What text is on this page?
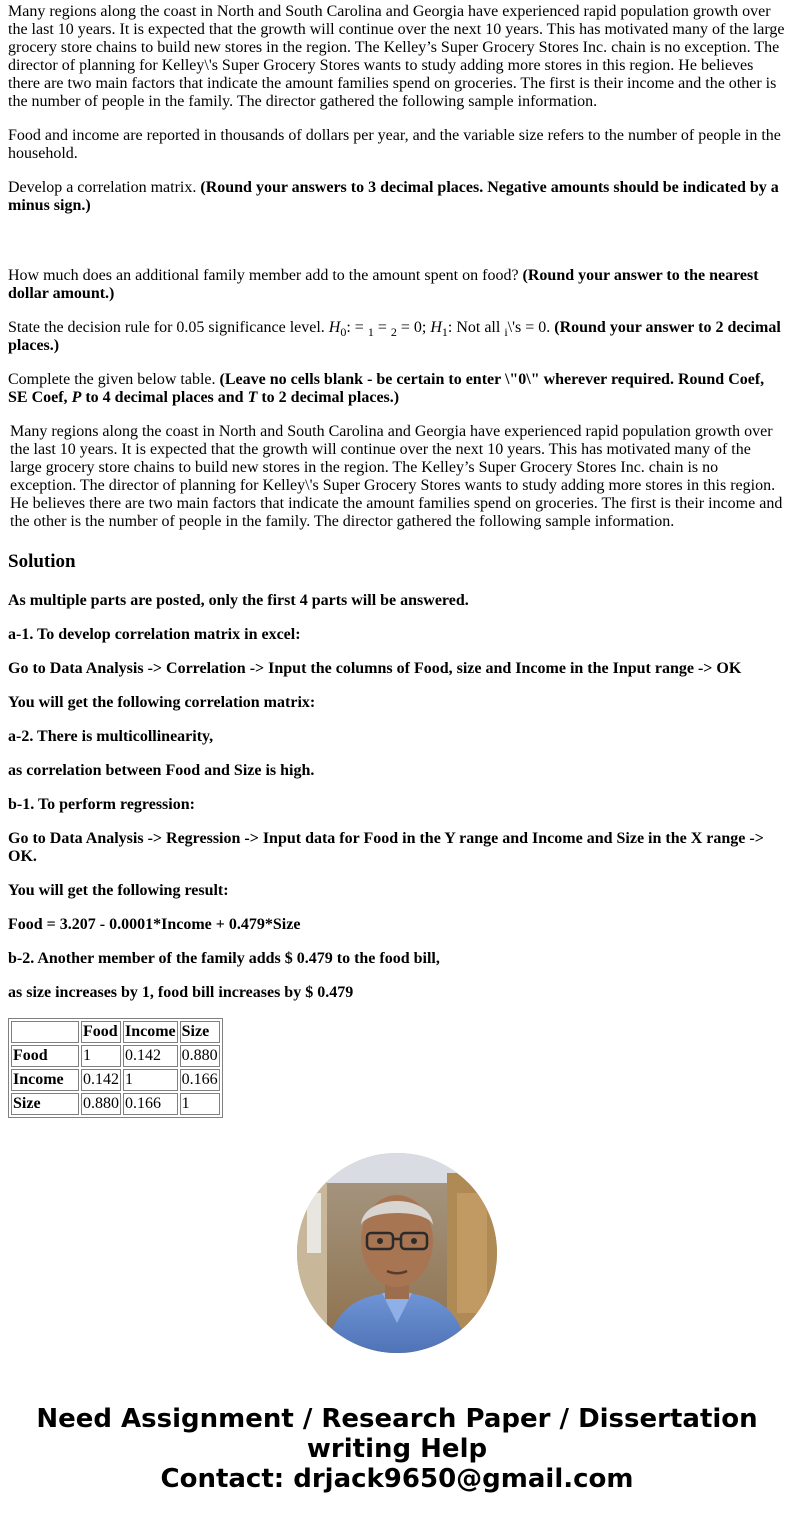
Many regions along the coast in North and South Carolina and Georgia have experienced rapid population growth over the last 10 years. It is expected that the growth will continue over the next 10 years. This has motivated many of the large grocery store chains to build new stores in the region. The Kelley’s Super Grocery Stores Inc. chain is no exception. The director of planning for Kelley\'s Super Grocery Stores wants to study adding more stores in this region. He believes there are two main factors that indicate the amount families spend on groceries. The first is their income and the other is the number of people in the family. The director gathered the following sample information.

Food and income are reported in thousands of dollars per year, and the variable size refers to the number of people in the household.

Develop a correlation matrix. (Round your answers to 3 decimal places. Negative amounts should be indicated by a minus sign.)

How much does an additional family member add to the amount spent on food? (Round your answer to the nearest dollar amount.)

State the decision rule for 0.05 significance level. $H_0$: = $_1$ = $_2$ = 0; $H_1$: Not all $_i$\'s = 0. (Round your answer to 2 decimal places.)

Complete the given below table. (Leave no cells blank - be certain to enter \"0\" wherever required. Round Coef, SE Coef, P to 4 decimal places and T to 2 decimal places.)

Many regions along the coast in North and South Carolina and Georgia have experienced rapid population growth over the last 10 years. It is expected that the growth will continue over the next 10 years. This has motivated many of the large grocery store chains to build new stores in the region. The Kelley’s Super Grocery Stores Inc. chain is no exception. The director of planning for Kelley\'s Super Grocery Stores wants to study adding more stores in this region. He believes there are two main factors that indicate the amount families spend on groceries. The first is their income and the other is the number of people in the family. The director gathered the following sample information.

Solution

As multiple parts are posted, only the first 4 parts will be answered.

a-1. To develop correlation matrix in excel:

Go to Data Analysis -> Correlation -> Input the columns of Food, size and Income in the Input range -> OK

You will get the following correlation matrix:

a-2. There is multicollinearity,

as correlation between Food and Size is high.

b-1. To perform regression:

Go to Data Analysis -> Regression -> Input data for Food in the Y range and Income and Size in the X range -> OK.

You will get the following result:

Food = 3.207 - 0.0001*Income + 0.479*Size

b-2. Another member of the family adds $ 0.479 to the food bill,

as size increases by 1, food bill increases by $ 0.479

	Food	Income	Size
Food	1	0.142	0.880
Income	0.142	1	0.166
Size	0.880	0.166	1
Need Assignment / Research Paper / Dissertation writing Help
Contact: drjack9650@gmail.com
